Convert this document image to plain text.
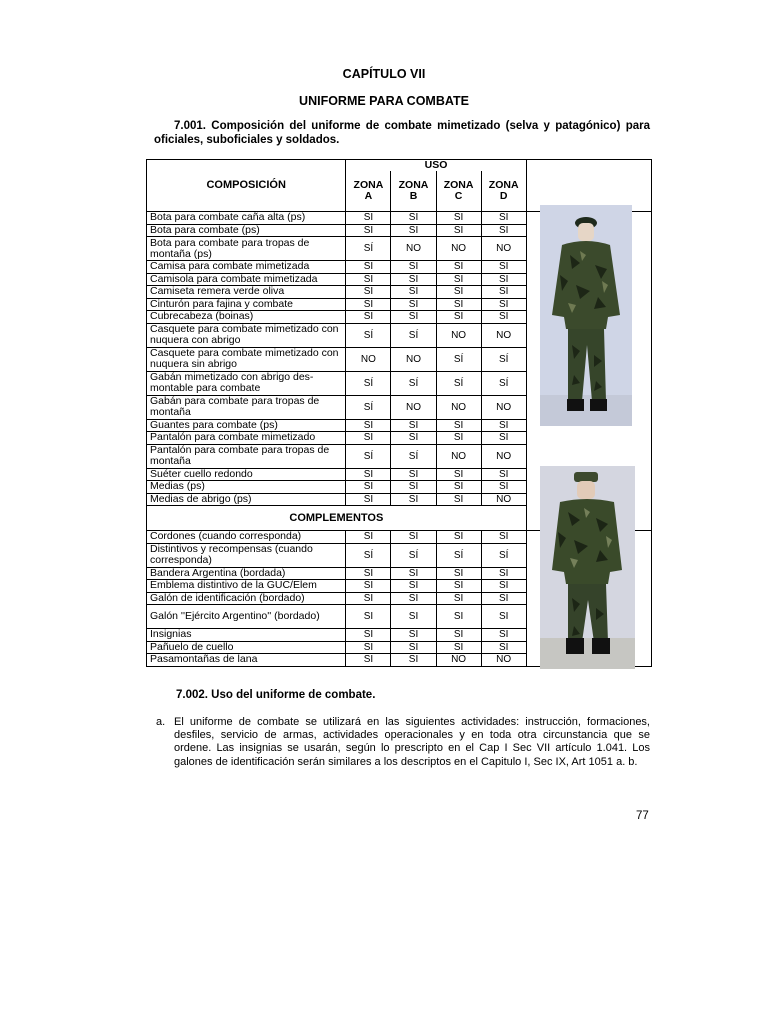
CAPÍTULO VII
UNIFORME PARA COMBATE
7.001. Composición del uniforme de combate mimetizado (selva y patagónico) para oficiales, suboficiales y soldados.
COMPOSICIÓN	USO				
	ZONA A	ZONA B	ZONA C	ZONA D	
Bota para combate caña alta (ps)	SI	SI	SI	SI	
Bota para combate (ps)	SI	SI	SI	SI	
Bota para combate para tropas de montaña (ps)	SÍ	NO	NO	NO	
Camisa para combate mimetizada	SI	SI	SI	SI	
Camisola para combate mimetizada	SI	SI	SI	SI	
Camiseta remera verde oliva	SI	SI	SI	SI	
Cinturón para fajina y combate	SI	SI	SI	SI	
Cubrecabeza (boinas)	SI	SI	SI	SI	
Casquete para combate mimetizado con nuquera con abrigo	SÍ	SÍ	NO	NO	
Casquete para combate mimetizado con nuquera sin abrigo	NO	NO	SÍ	SÍ	
Gabán mimetizado con abrigo des-montable para combate	SÍ	SÍ	SÍ	SÍ	
Gabán para combate para tropas de montaña	SÍ	NO	NO	NO	
Guantes para combate (ps)	SI	SI	SI	SI	
Pantalón para combate mimetizado	SI	SI	SI	SI	
Pantalón para combate para tropas de montaña	SÍ	SÍ	NO	NO	
Suéter cuello redondo	SI	SI	SI	SI	
Medias (ps)	SI	SI	SI	SI	
Medias de abrigo (ps)	SI	SI	SI	NO	
COMPLEMENTOS					
Cordones (cuando corresponda)	SI	SI	SI	SI	
Distintivos y recompensas (cuando corresponda)	SÍ	SÍ	SÍ	SÍ	
Bandera Argentina (bordada)	SI	SI	SI	SI	
Emblema distintivo de la GUC/Elem	SI	SI	SI	SI	
Galón de identificación (bordado)	SI	SI	SI	SI	
Galón ''Ejército Argentino'' (bordado)	SI	SI	SI	SI	
Insignias	SI	SI	SI	SI	
Pañuelo de cuello	SI	SI	SI	SI	
Pasamontañas de lana	SI	SI	NO	NO	
7.002. Uso del uniforme de combate.
a. El uniforme de combate se utilizará en las siguientes actividades: instrucción, formaciones, desfiles, servicio de armas, actividades operacionales y en toda otra circunstancia que se ordene. Las insignias se usarán, según lo prescripto en el Cap I Sec VII artículo 1.041. Los galones de identificación serán similares a los descriptos en el Capitulo I, Sec IX, Art 1051 a. b.
77
